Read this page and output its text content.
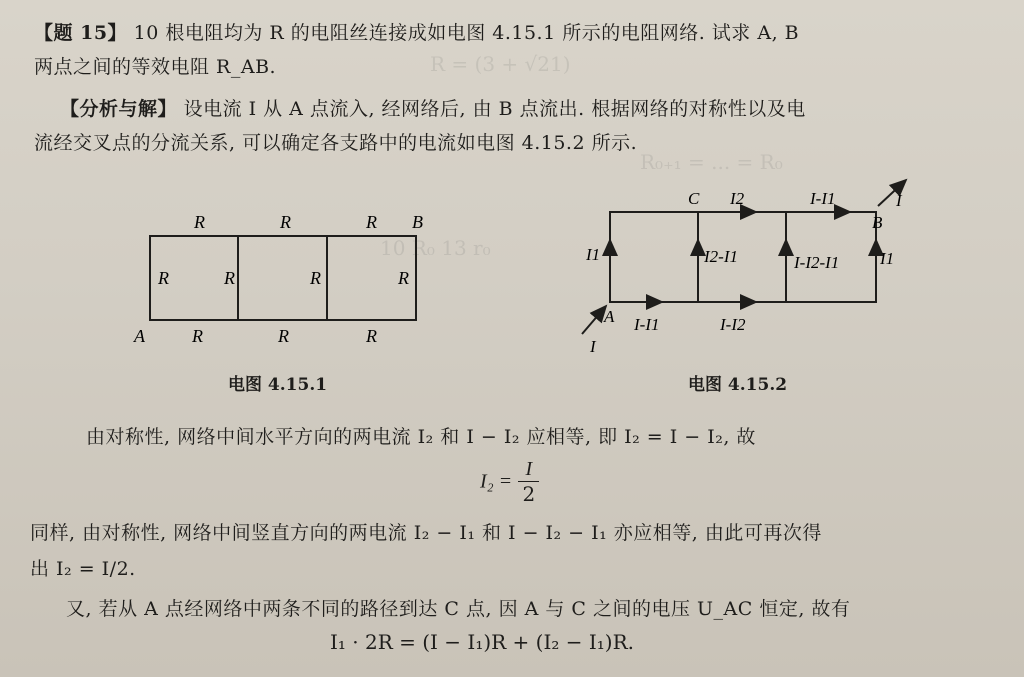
R = (3 + √21)
R₀₊₁ = ... = R₀
10 R₀ 13 r₀
【题 15】 10 根电阻均为 R 的电阻丝连接成如电图 4.15.1 所示的电阻网络. 试求 A, B
两点之间的等效电阻 R_AB.
【分析与解】 设电流 I 从 A 点流入, 经网络后, 由 B 点流出. 根据网络的对称性以及电
流经交叉点的分流关系, 可以确定各支路中的电流如电图 4.15.2 所示.
R	R	R B
R	R	R	R
A	R	R	R
电图 4.15.1
C I2	I-I1
B
I
I1	I2-I1	I-I2-I1 I1
A I-I1	I-I2
I
电图 4.15.2
由对称性, 网络中间水平方向的两电流 I₂ 和 I − I₂ 应相等, 即 I₂ = I − I₂, 故
$I_2 = \frac{I}{2}$
同样, 由对称性, 网络中间竖直方向的两电流 I₂ − I₁ 和 I − I₂ − I₁ 亦应相等, 由此可再次得
出 I₂ = I/2.
又, 若从 A 点经网络中两条不同的路径到达 C 点, 因 A 与 C 之间的电压 U_AC 恒定, 故有
I₁ · 2R = (I − I₁)R + (I₂ − I₁)R.
